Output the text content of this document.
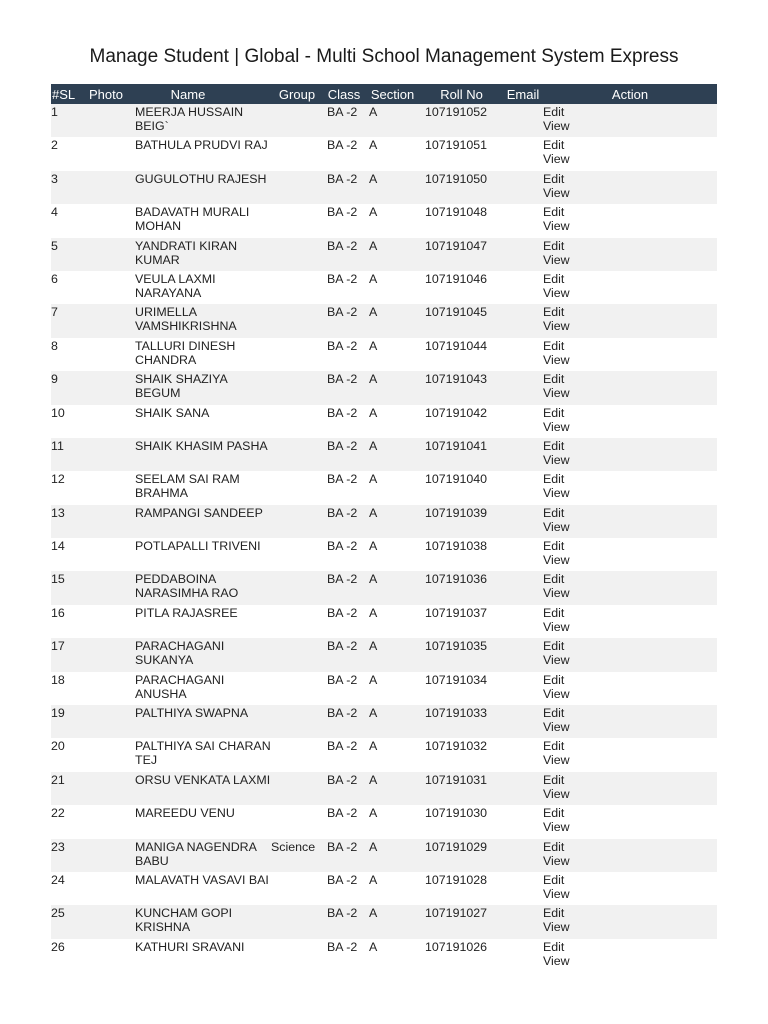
Manage Student | Global - Multi School Management System Express
#SL	Photo	Name	Group	Class	Section	Roll No	Email	Action
1		MEERJA HUSSAIN BEIG`		BA -2	A	107191052		Edit
View

2		BATHULA PRUDVI RAJ		BA -2	A	107191051		Edit
View

3		GUGULOTHU RAJESH		BA -2	A	107191050		Edit
View

4		BADAVATH MURALI MOHAN		BA -2	A	107191048		Edit
View

5		YANDRATI KIRAN KUMAR		BA -2	A	107191047		Edit
View

6		VEULA LAXMI NARAYANA		BA -2	A	107191046		Edit
View

7		URIMELLA VAMSHIKRISHNA		BA -2	A	107191045		Edit
View

8		TALLURI DINESH CHANDRA		BA -2	A	107191044		Edit
View

9		SHAIK SHAZIYA BEGUM		BA -2	A	107191043		Edit
View

10		SHAIK SANA		BA -2	A	107191042		Edit
View

11		SHAIK KHASIM PASHA		BA -2	A	107191041		Edit
View

12		SEELAM SAI RAM BRAHMA		BA -2	A	107191040		Edit
View

13		RAMPANGI SANDEEP		BA -2	A	107191039		Edit
View

14		POTLAPALLI TRIVENI		BA -2	A	107191038		Edit
View

15		PEDDABOINA NARASIMHA RAO		BA -2	A	107191036		Edit
View

16		PITLA RAJASREE		BA -2	A	107191037		Edit
View

17		PARACHAGANI SUKANYA		BA -2	A	107191035		Edit
View

18		PARACHAGANI ANUSHA		BA -2	A	107191034		Edit
View

19		PALTHIYA SWAPNA		BA -2	A	107191033		Edit
View

20		PALTHIYA SAI CHARAN TEJ		BA -2	A	107191032		Edit
View

21		ORSU VENKATA LAXMI		BA -2	A	107191031		Edit
View

22		MAREEDU VENU		BA -2	A	107191030		Edit
View

23		MANIGA NAGENDRA BABU	Science	BA -2	A	107191029		Edit
View

24		MALAVATH VASAVI BAI		BA -2	A	107191028		Edit
View

25		KUNCHAM GOPI KRISHNA		BA -2	A	107191027		Edit
View

26		KATHURI SRAVANI		BA -2	A	107191026		Edit
View
